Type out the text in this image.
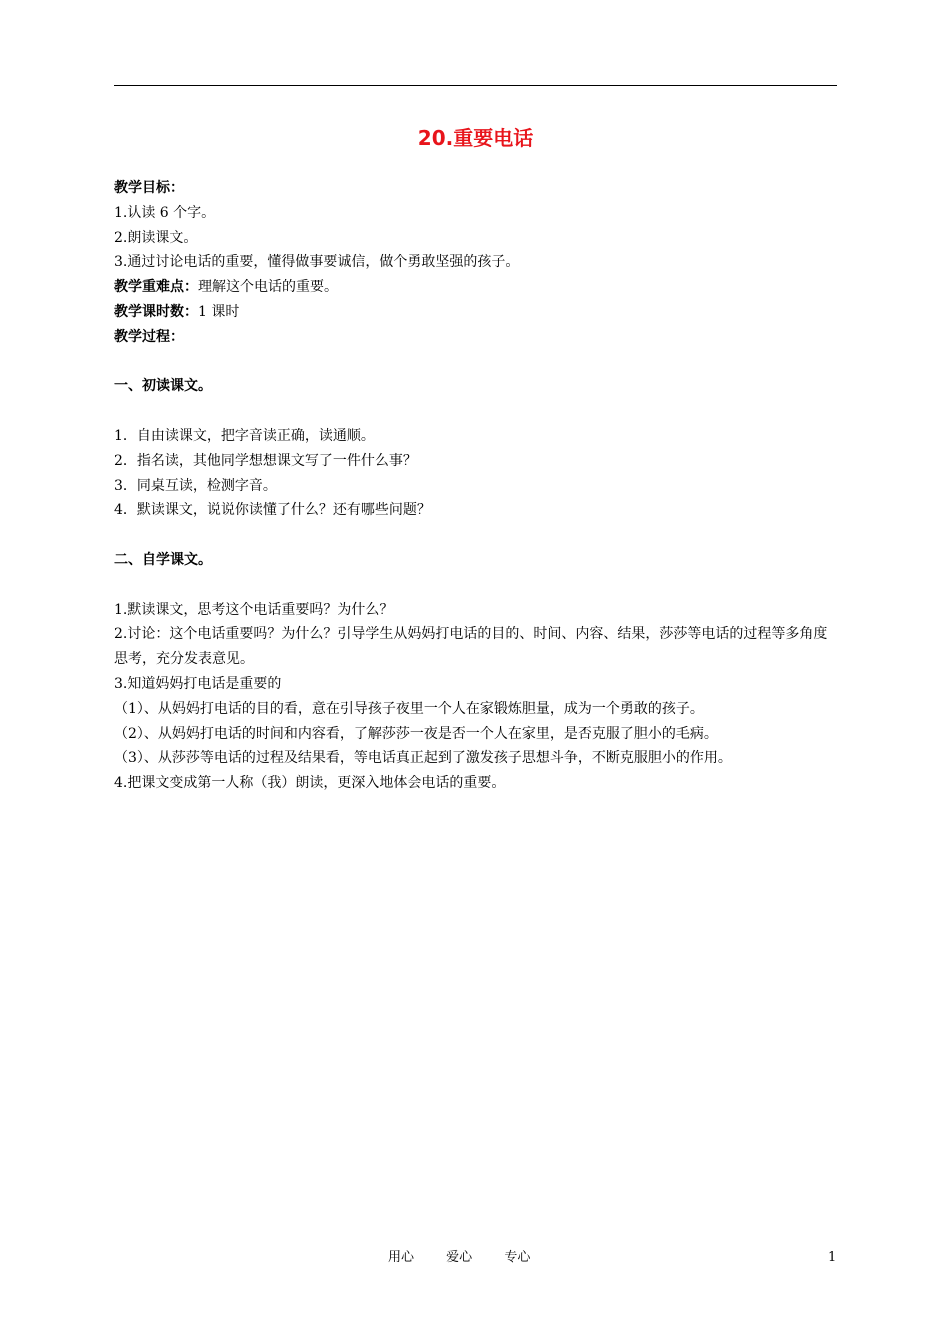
20.重要电话
教学目标：
1.认读 6 个字。
2.朗读课文。
3.通过讨论电话的重要，懂得做事要诚信，做个勇敢坚强的孩子。
教学重难点：理解这个电话的重要。
教学课时数：1 课时
教学过程：
一、初读课文。
1．自由读课文，把字音读正确，读通顺。
2．指名读，其他同学想想课文写了一件什么事？
3．同桌互读，检测字音。
4．默读课文，说说你读懂了什么？还有哪些问题？
二、自学课文。
1.默读课文，思考这个电话重要吗？为什么？
2.讨论：这个电话重要吗？为什么？引导学生从妈妈打电话的目的、时间、内容、结果，莎莎等电话的过程等多角度思考，充分发表意见。
3.知道妈妈打电话是重要的
（1）、从妈妈打电话的目的看，意在引导孩子夜里一个人在家锻炼胆量，成为一个勇敢的孩子。
（2）、从妈妈打电话的时间和内容看，了解莎莎一夜是否一个人在家里，是否克服了胆小的毛病。
（3）、从莎莎等电话的过程及结果看，等电话真正起到了激发孩子思想斗争，不断克服胆小的作用。
4.把课文变成第一人称（我）朗读，更深入地体会电话的重要。
用心 爱心 专心	1
